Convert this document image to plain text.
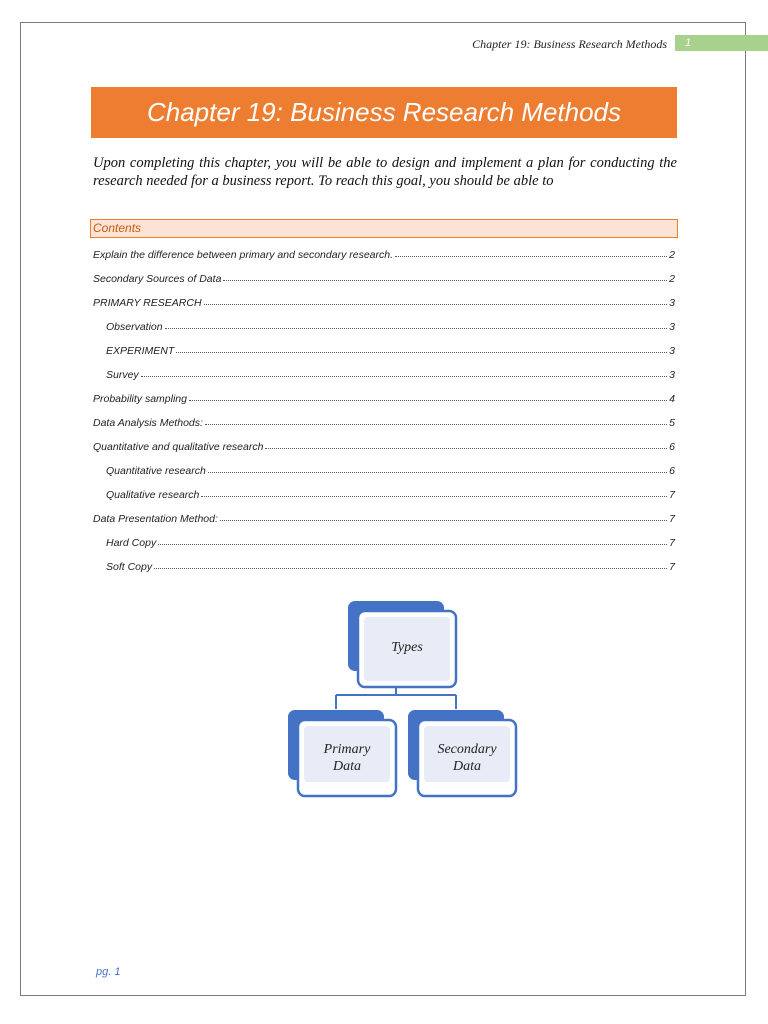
Chapter 19: Business Research Methods	1
Chapter 19: Business Research Methods
Upon completing this chapter, you will be able to design and implement a plan for conducting the research needed for a business report. To reach this goal, you should be able to
Contents
Explain the difference between primary and secondary research.	2
Secondary Sources of Data	2
PRIMARY RESEARCH	3
Observation	3
EXPERIMENT	3
Survey	3
Probability sampling	4
Data Analysis Methods:	5
Quantitative and qualitative research	6
Quantitative research	6
Qualitative research	7
Data Presentation Method:	7
Hard Copy	7
Soft Copy	7
Types
Primary
Data
Secondary
Data
pg. 1
